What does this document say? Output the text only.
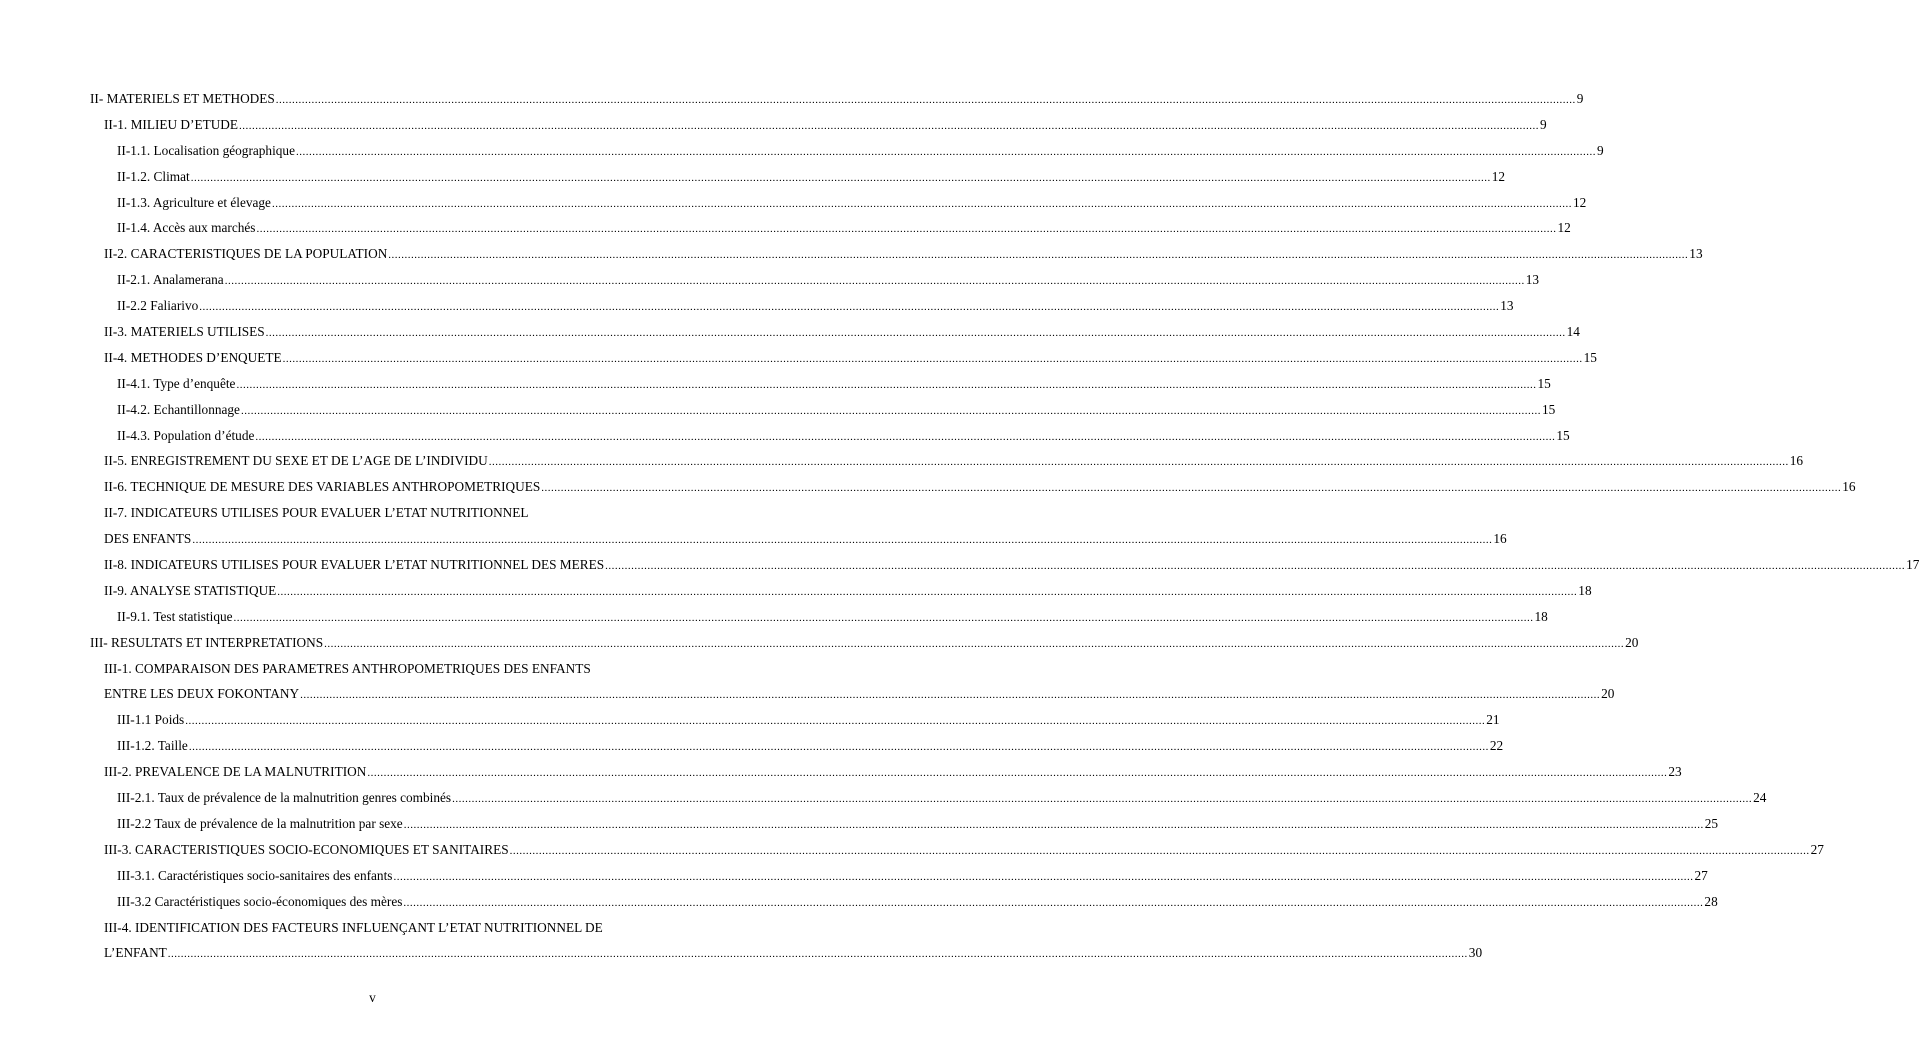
II- MATERIELS ET METHODES ................................................................................................................................................................................................................................................................................................................................................................................................................ 9
II-1. MILIEU D’ETUDE ................................................................................................................................................................................................................................................................................................................................................................................................................ 9
II-1.1. Localisation géographique ................................................................................................................................................................................................................................................................................................................................................................................................................ 9
II-1.2. Climat ................................................................................................................................................................................................................................................................................................................................................................................................................ 12
II-1.3. Agriculture et élevage ................................................................................................................................................................................................................................................................................................................................................................................................................ 12
II-1.4. Accès aux marchés ................................................................................................................................................................................................................................................................................................................................................................................................................ 12
II-2. CARACTERISTIQUES DE LA POPULATION ................................................................................................................................................................................................................................................................................................................................................................................................................ 13
II-2.1. Analamerana ................................................................................................................................................................................................................................................................................................................................................................................................................ 13
II-2.2 Faliarivo ................................................................................................................................................................................................................................................................................................................................................................................................................ 13
II-3. MATERIELS UTILISES ................................................................................................................................................................................................................................................................................................................................................................................................................ 14
II-4. METHODES D’ENQUETE ................................................................................................................................................................................................................................................................................................................................................................................................................ 15
II-4.1. Type d’enquête ................................................................................................................................................................................................................................................................................................................................................................................................................ 15
II-4.2. Echantillonnage ................................................................................................................................................................................................................................................................................................................................................................................................................ 15
II-4.3. Population d’étude ................................................................................................................................................................................................................................................................................................................................................................................................................ 15
II-5. ENREGISTREMENT DU SEXE ET DE L’AGE DE L’INDIVIDU ................................................................................................................................................................................................................................................................................................................................................................................................................ 16
II-6. TECHNIQUE DE MESURE DES VARIABLES ANTHROPOMETRIQUES ................................................................................................................................................................................................................................................................................................................................................................................................................ 16
II-7. INDICATEURS UTILISES POUR EVALUER L’ETAT NUTRITIONNEL
DES ENFANTS ................................................................................................................................................................................................................................................................................................................................................................................................................ 16
II-8. INDICATEURS UTILISES POUR EVALUER L’ETAT NUTRITIONNEL DES MERES ................................................................................................................................................................................................................................................................................................................................................................................................................ 17
II-9. ANALYSE STATISTIQUE ................................................................................................................................................................................................................................................................................................................................................................................................................ 18
II-9.1. Test statistique ................................................................................................................................................................................................................................................................................................................................................................................................................ 18
III- RESULTATS ET INTERPRETATIONS ................................................................................................................................................................................................................................................................................................................................................................................................................ 20
III-1. COMPARAISON DES PARAMETRES ANTHROPOMETRIQUES DES ENFANTS
ENTRE LES DEUX FOKONTANY ................................................................................................................................................................................................................................................................................................................................................................................................................ 20
III-1.1 Poids ................................................................................................................................................................................................................................................................................................................................................................................................................ 21
III-1.2. Taille ................................................................................................................................................................................................................................................................................................................................................................................................................ 22
III-2. PREVALENCE DE LA MALNUTRITION ................................................................................................................................................................................................................................................................................................................................................................................................................ 23
III-2.1. Taux de prévalence de la malnutrition genres combinés ................................................................................................................................................................................................................................................................................................................................................................................................................ 24
III-2.2 Taux de prévalence de la malnutrition par sexe ................................................................................................................................................................................................................................................................................................................................................................................................................ 25
III-3. CARACTERISTIQUES SOCIO-ECONOMIQUES ET SANITAIRES ................................................................................................................................................................................................................................................................................................................................................................................................................ 27
III-3.1. Caractéristiques socio-sanitaires des enfants ................................................................................................................................................................................................................................................................................................................................................................................................................ 27
III-3.2 Caractéristiques socio-économiques des mères ................................................................................................................................................................................................................................................................................................................................................................................................................ 28
III-4. IDENTIFICATION DES FACTEURS INFLUENÇANT L’ETAT NUTRITIONNEL DE
L’ENFANT ................................................................................................................................................................................................................................................................................................................................................................................................................ 30
v
